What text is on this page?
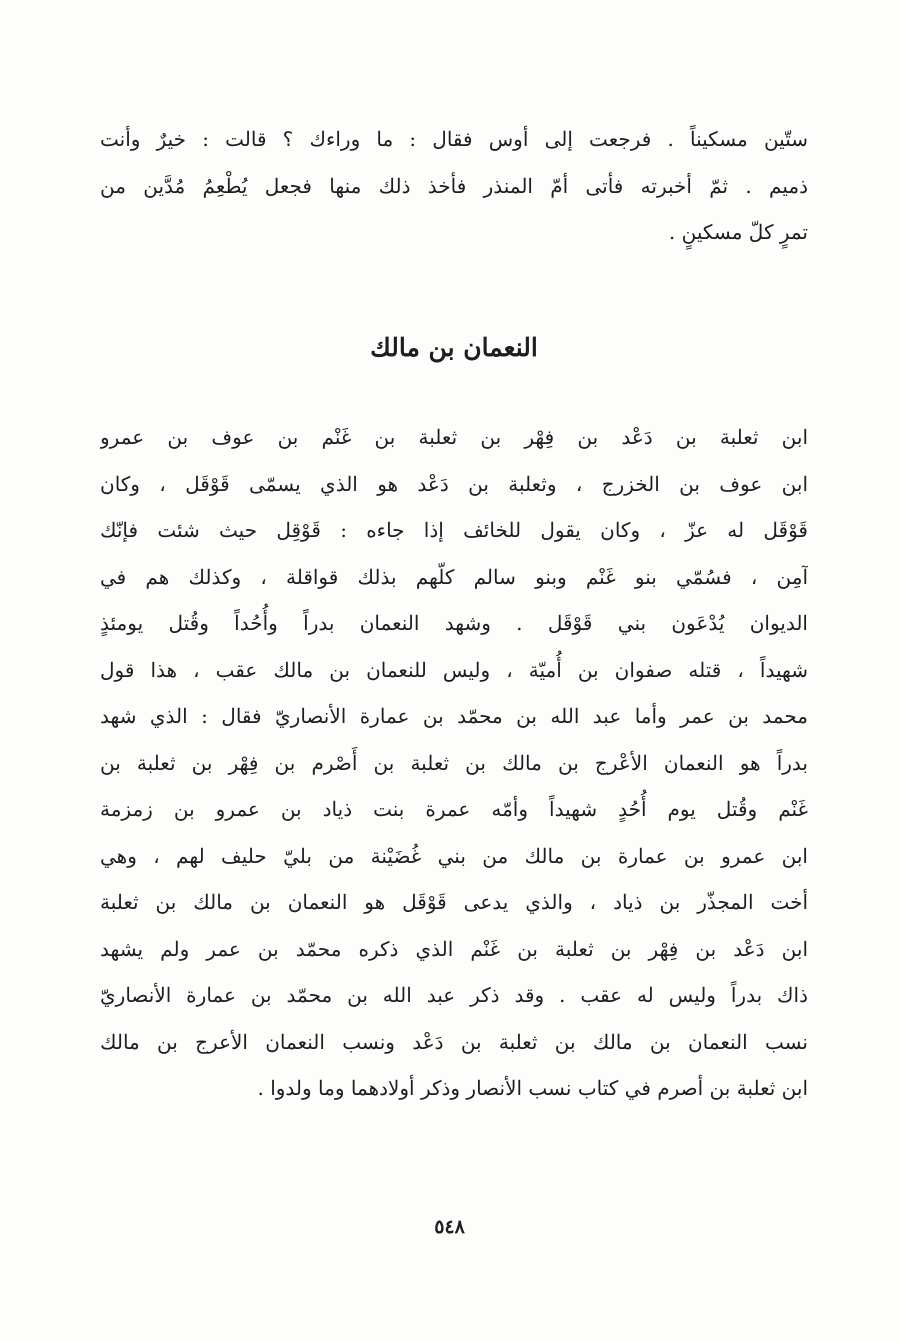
ستّين مسكيناً . فرجعت إلى أوس فقال : ما وراءك ؟ قالت : خيرٌ وأنت
ذميم . ثمّ أخبرته فأتى أمّ المنذر فأخذ ذلك منها فجعل يُطْعِمُ مُدَّين من
تمرٍ كلّ مسكينٍ .
النعمان بن مالك
ابن ثعلبة بن دَعْد بن فِهْر بن ثعلبة بن غَنْم بن عوف بن عمرو
ابن عوف بن الخزرج ، وثعلبة بن دَعْد هو الذي يسمّى قَوْقَل ، وكان
قَوْقَل له عزّ ، وكان يقول للخائف إذا جاءه : قَوْقِل حيث شئت فإنّك
آمِن ، فسُمّي بنو غَنْم وبنو سالم كلّهم بذلك قواقلة ، وكذلك هم في
الديوان يُدْعَون بني قَوْقَل . وشهد النعمان بدراً وأُحُداً وقُتل يومئذٍ
شهيداً ، قتله صفوان بن أُميّة ، وليس للنعمان بن مالك عقب ، هذا قول
محمد بن عمر وأما عبد الله بن محمّد بن عمارة الأنصاريّ فقال : الذي شهد
بدراً هو النعمان الأعْرج بن مالك بن ثعلبة بن أَصْرم بن فِهْر بن ثعلبة بن
غَنْم وقُتل يوم أُحُدٍ شهيداً وأمّه عمرة بنت ذياد بن عمرو بن زمزمة
ابن عمرو بن عمارة بن مالك من بني غُضَيْنة من بليّ حليف لهم ، وهي
أخت المجذّر بن ذياد ، والذي يدعى قَوْقَل هو النعمان بن مالك بن ثعلبة
ابن دَعْد بن فِهْر بن ثعلبة بن غَنْم الذي ذكره محمّد بن عمر ولم يشهد
ذاك بدراً وليس له عقب . وقد ذكر عبد الله بن محمّد بن عمارة الأنصاريّ
نسب النعمان بن مالك بن ثعلبة بن دَعْد ونسب النعمان الأعرج بن مالك
ابن ثعلبة بن أصرم في كتاب نسب الأنصار وذكر أولادهما وما ولدوا .
٥٤٨
